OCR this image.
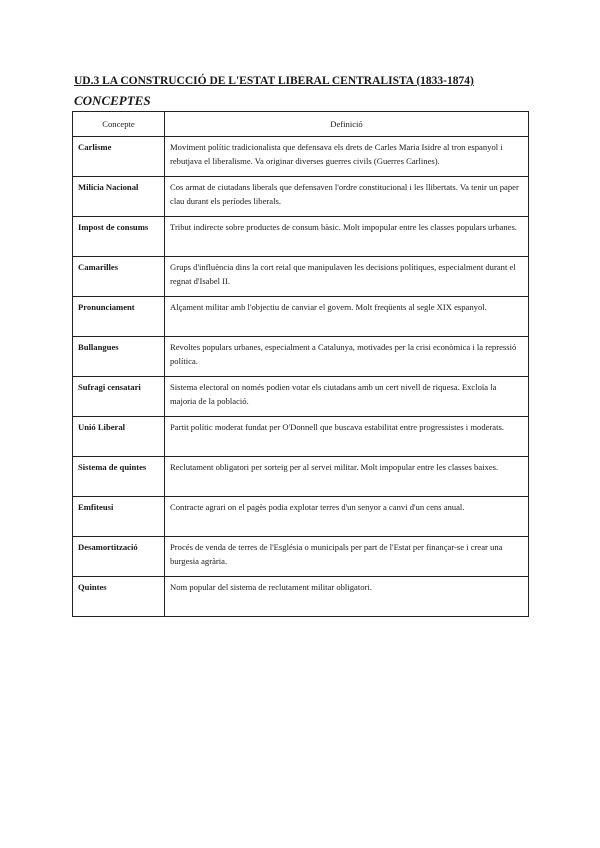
UD.3 LA CONSTRUCCIÓ DE L'ESTAT LIBERAL CENTRALISTA (1833-1874)
CONCEPTES
Concepte	Definició
Carlisme	Moviment polític tradicionalista que defensava els drets de Carles Maria Isidre al tron espanyol i rebutjava el liberalisme. Va originar diverses guerres civils (Guerres Carlines).
Milícia Nacional	Cos armat de ciutadans liberals que defensaven l'ordre constitucional i les llibertats. Va tenir un paper clau durant els períodes liberals.
Impost de consums	Tribut indirecte sobre productes de consum bàsic. Molt impopular entre les classes populars urbanes.
Camarilles	Grups d'influència dins la cort reial que manipulaven les decisions polítiques, especialment durant el regnat d'Isabel II.
Pronunciament	Alçament militar amb l'objectiu de canviar el govern. Molt freqüents al segle XIX espanyol.
Bullangues	Revoltes populars urbanes, especialment a Catalunya, motivades per la crisi econòmica i la repressió política.
Sufragi censatari	Sistema electoral on només podien votar els ciutadans amb un cert nivell de riquesa. Excloïa la majoria de la població.
Unió Liberal	Partit polític moderat fundat per O'Donnell que buscava estabilitat entre progressistes i moderats.
Sistema de quintes	Reclutament obligatori per sorteig per al servei militar. Molt impopular entre les classes baixes.
Emfiteusi	Contracte agrari on el pagès podia explotar terres d'un senyor a canvi d'un cens anual.
Desamortització	Procés de venda de terres de l'Església o municipals per part de l'Estat per finançar-se i crear una burgesia agrària.
Quintes	Nom popular del sistema de reclutament militar obligatori.
